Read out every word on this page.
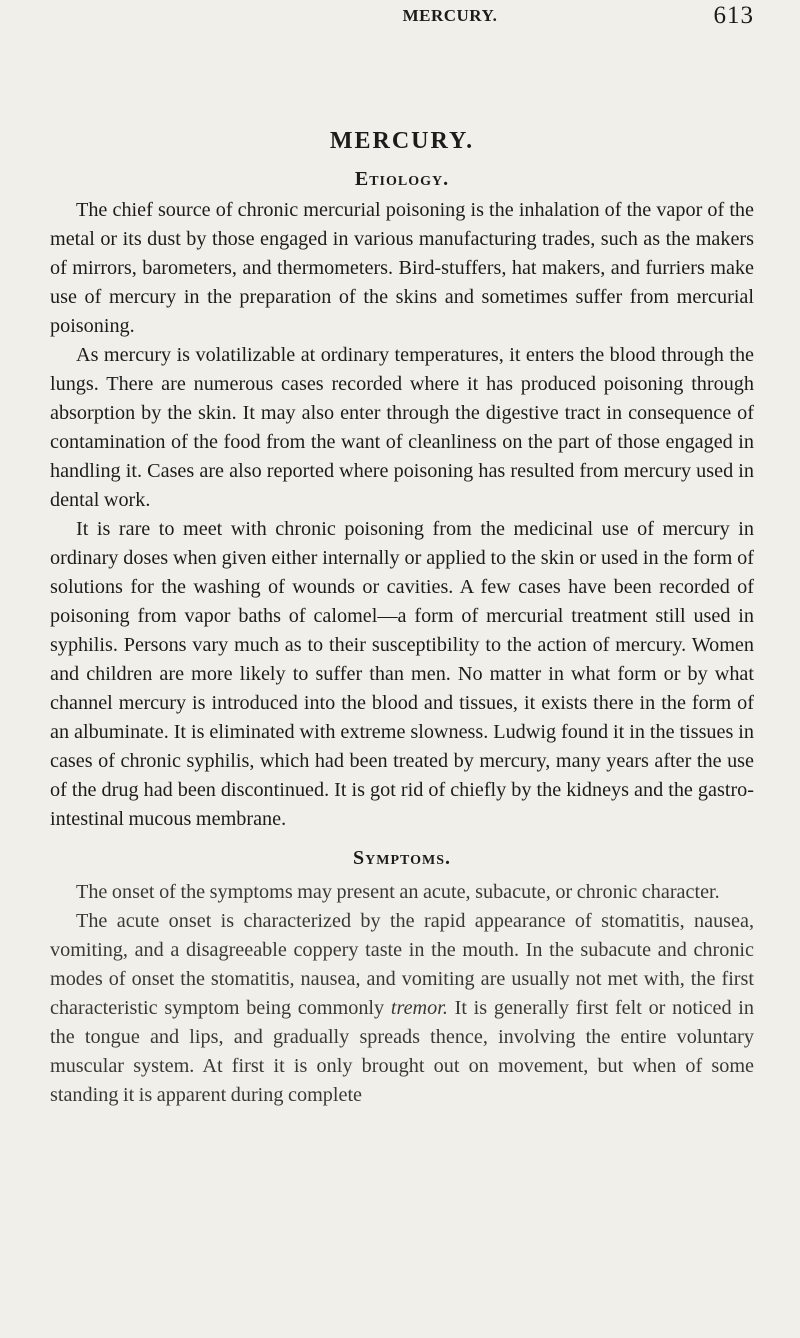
MERCURY.	613
MERCURY.
Etiology.

The chief source of chronic mercurial poisoning is the inhalation of the vapor of the metal or its dust by those engaged in various manufacturing trades, such as the makers of mirrors, barometers, and thermometers. Bird-stuffers, hat makers, and furriers make use of mercury in the preparation of the skins and sometimes suffer from mercurial poisoning.

As mercury is volatilizable at ordinary temperatures, it enters the blood through the lungs. There are numerous cases recorded where it has produced poisoning through absorption by the skin. It may also enter through the digestive tract in consequence of contamination of the food from the want of cleanliness on the part of those engaged in handling it. Cases are also reported where poisoning has resulted from mercury used in dental work.

It is rare to meet with chronic poisoning from the medicinal use of mercury in ordinary doses when given either internally or applied to the skin or used in the form of solutions for the washing of wounds or cavities. A few cases have been recorded of poisoning from vapor baths of calomel—a form of mercurial treatment still used in syphilis. Persons vary much as to their susceptibility to the action of mercury. Women and children are more likely to suffer than men. No matter in what form or by what channel mercury is introduced into the blood and tissues, it exists there in the form of an albuminate. It is eliminated with extreme slowness. Ludwig found it in the tissues in cases of chronic syphilis, which had been treated by mercury, many years after the use of the drug had been discontinued. It is got rid of chiefly by the kidneys and the gastro-intestinal mucous membrane.

Symptoms.

The onset of the symptoms may present an acute, subacute, or chronic character.

The acute onset is characterized by the rapid appearance of stomatitis, nausea, vomiting, and a disagreeable coppery taste in the mouth. In the subacute and chronic modes of onset the stomatitis, nausea, and vomiting are usually not met with, the first characteristic symptom being commonly tremor. It is generally first felt or noticed in the tongue and lips, and gradually spreads thence, involving the entire voluntary muscular system. At first it is only brought out on movement, but when of some standing it is apparent during complete
